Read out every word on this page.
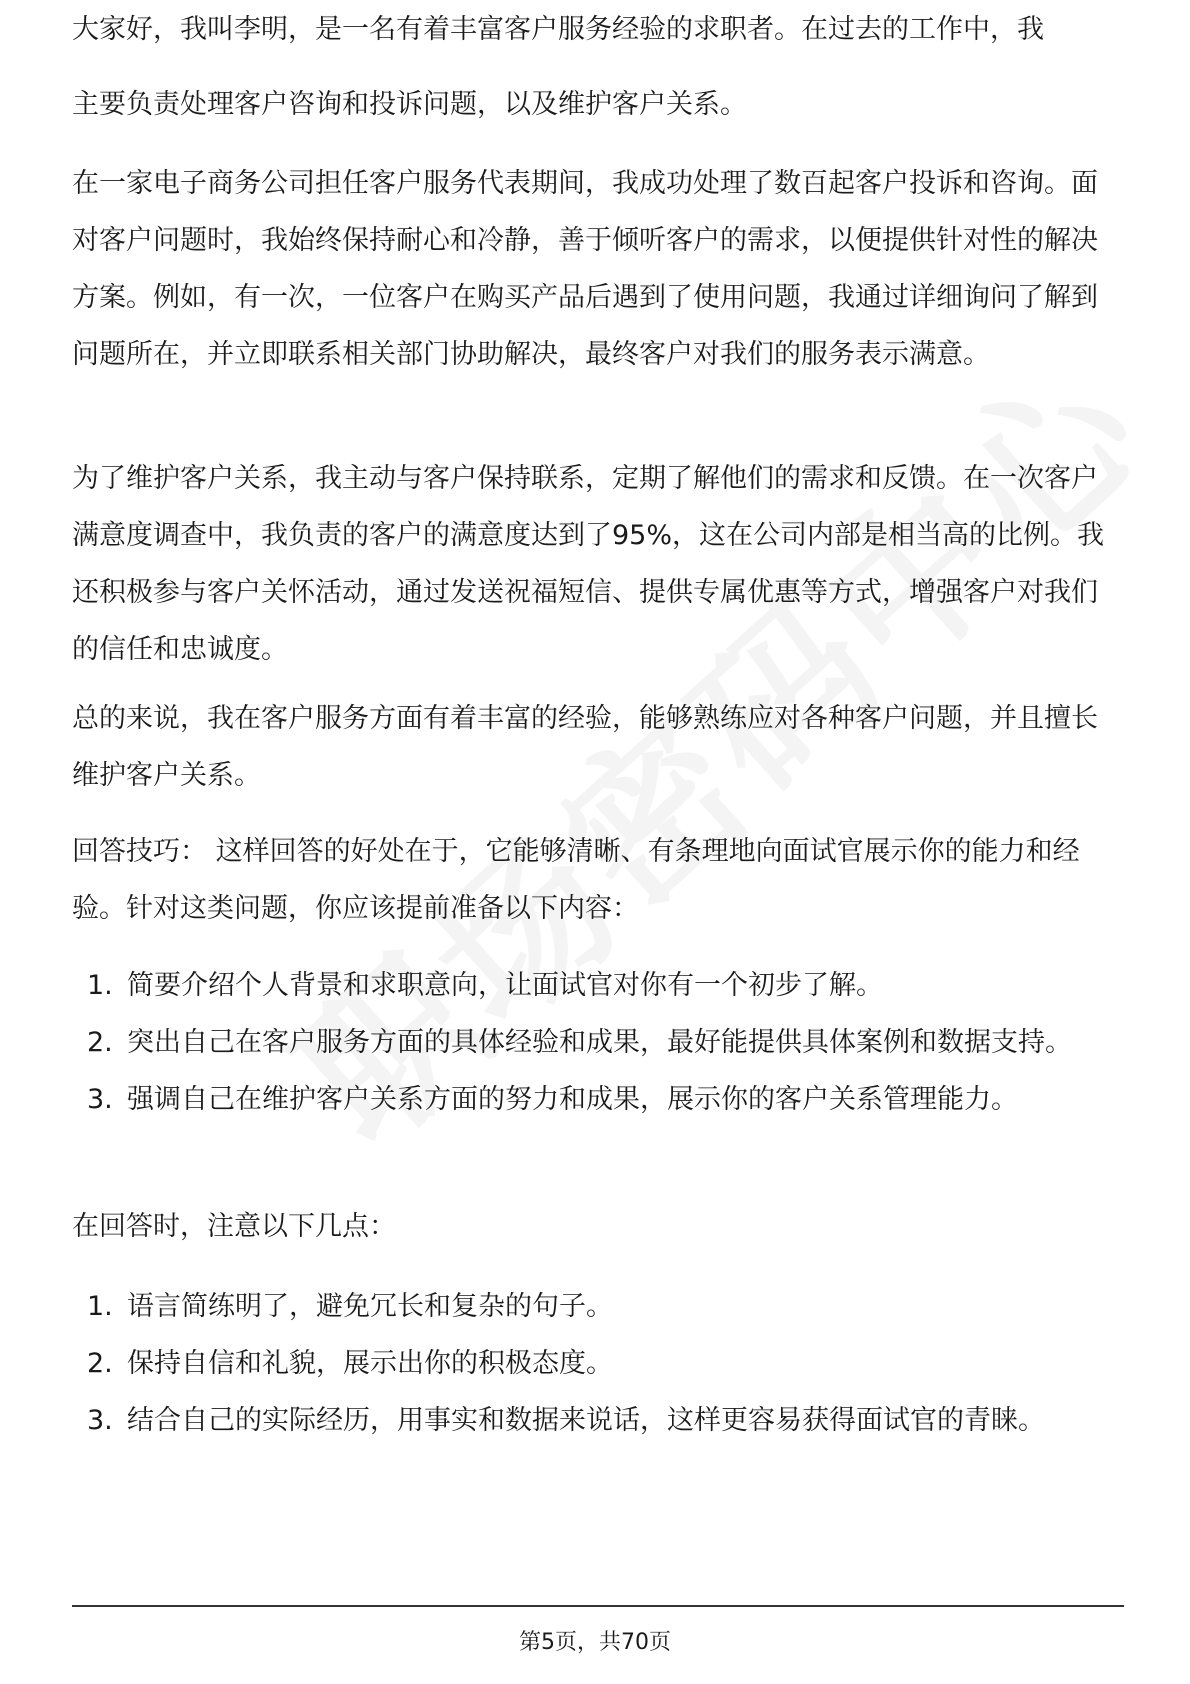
大家好，我叫李明，是一名有着丰富客户服务经验的求职者。在过去的工作中，我

主要负责处理客户咨询和投诉问题，以及维护客户关系。

在一家电子商务公司担任客户服务代表期间，我成功处理了数百起客户投诉和咨询。面对客户问题时，我始终保持耐心和冷静，善于倾听客户的需求，以便提供针对性的解决方案。例如，有一次，一位客户在购买产品后遇到了使用问题，我通过详细询问了解到问题所在，并立即联系相关部门协助解决，最终客户对我们的服务表示满意。

为了维护客户关系，我主动与客户保持联系，定期了解他们的需求和反馈。在一次客户满意度调查中，我负责的客户的满意度达到了95%，这在公司内部是相当高的比例。我还积极参与客户关怀活动，通过发送祝福短信、提供专属优惠等方式，增强客户对我们的信任和忠诚度。

总的来说，我在客户服务方面有着丰富的经验，能够熟练应对各种客户问题，并且擅长维护客户关系。

回答技巧： 这样回答的好处在于，它能够清晰、有条理地向面试官展示你的能力和经验。针对这类问题，你应该提前准备以下内容：

1. 简要介绍个人背景和求职意向，让面试官对你有一个初步了解。
2. 突出自己在客户服务方面的具体经验和成果，最好能提供具体案例和数据支持。
3. 强调自己在维护客户关系方面的努力和成果，展示你的客户关系管理能力。

在回答时，注意以下几点：

1. 语言简练明了，避免冗长和复杂的句子。
2. 保持自信和礼貌，展示出你的积极态度。
3. 结合自己的实际经历，用事实和数据来说话，这样更容易获得面试官的青睐。
第5页，共70页
